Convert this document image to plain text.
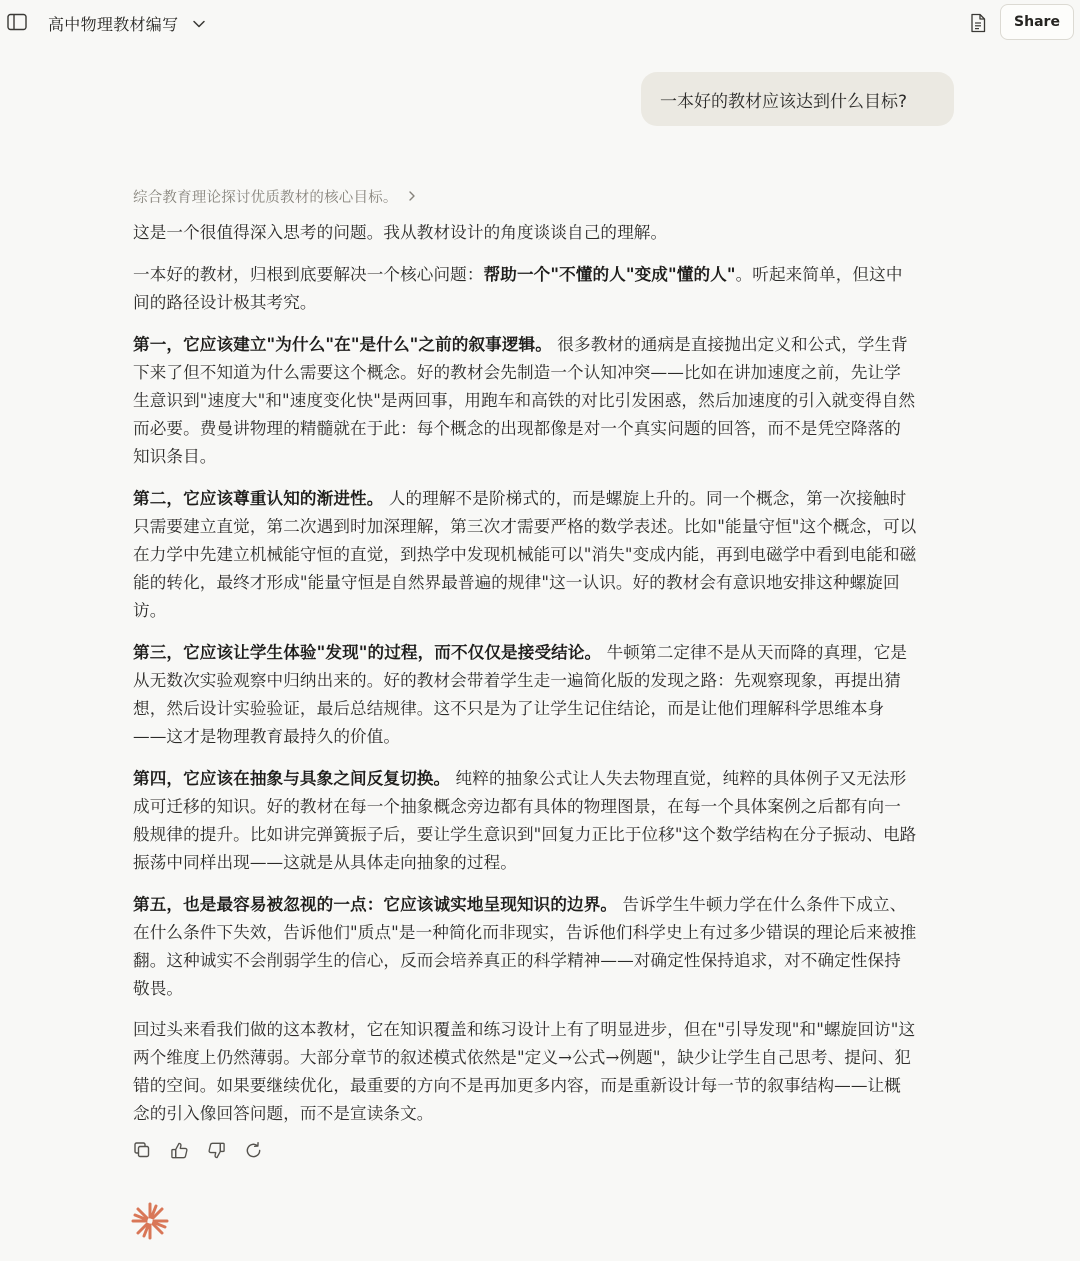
高中物理教材编写	Share
一本好的教材应该达到什么目标?
综合教育理论探讨优质教材的核心目标。

这是一个很值得深入思考的问题。我从教材设计的角度谈谈自己的理解。

一本好的教材，归根到底要解决一个核心问题：帮助一个"不懂的人"变成"懂的人"。听起来简单，但这中间的路径设计极其考究。

第一，它应该建立"为什么"在"是什么"之前的叙事逻辑。 很多教材的通病是直接抛出定义和公式，学生背下来了但不知道为什么需要这个概念。好的教材会先制造一个认知冲突——比如在讲加速度之前，先让学生意识到"速度大"和"速度变化快"是两回事，用跑车和高铁的对比引发困惑，然后加速度的引入就变得自然而必要。费曼讲物理的精髓就在于此：每个概念的出现都像是对一个真实问题的回答，而不是凭空降落的知识条目。

第二，它应该尊重认知的渐进性。 人的理解不是阶梯式的，而是螺旋上升的。同一个概念，第一次接触时只需要建立直觉，第二次遇到时加深理解，第三次才需要严格的数学表述。比如"能量守恒"这个概念，可以在力学中先建立机械能守恒的直觉，到热学中发现机械能可以"消失"变成内能，再到电磁学中看到电能和磁能的转化，最终才形成"能量守恒是自然界最普遍的规律"这一认识。好的教材会有意识地安排这种螺旋回访。

第三，它应该让学生体验"发现"的过程，而不仅仅是接受结论。 牛顿第二定律不是从天而降的真理，它是从无数次实验观察中归纳出来的。好的教材会带着学生走一遍简化版的发现之路：先观察现象，再提出猜想，然后设计实验验证，最后总结规律。这不只是为了让学生记住结论，而是让他们理解科学思维本身——这才是物理教育最持久的价值。

第四，它应该在抽象与具象之间反复切换。 纯粹的抽象公式让人失去物理直觉，纯粹的具体例子又无法形成可迁移的知识。好的教材在每一个抽象概念旁边都有具体的物理图景，在每一个具体案例之后都有向一般规律的提升。比如讲完弹簧振子后，要让学生意识到"回复力正比于位移"这个数学结构在分子振动、电路振荡中同样出现——这就是从具体走向抽象的过程。

第五，也是最容易被忽视的一点：它应该诚实地呈现知识的边界。 告诉学生牛顿力学在什么条件下成立、在什么条件下失效，告诉他们"质点"是一种简化而非现实，告诉他们科学史上有过多少错误的理论后来被推翻。这种诚实不会削弱学生的信心，反而会培养真正的科学精神——对确定性保持追求，对不确定性保持敬畏。

回过头来看我们做的这本教材，它在知识覆盖和练习设计上有了明显进步，但在"引导发现"和"螺旋回访"这两个维度上仍然薄弱。大部分章节的叙述模式依然是"定义→公式→例题"，缺少让学生自己思考、提问、犯错的空间。如果要继续优化，最重要的方向不是再加更多内容，而是重新设计每一节的叙事结构——让概念的引入像回答问题，而不是宣读条文。
